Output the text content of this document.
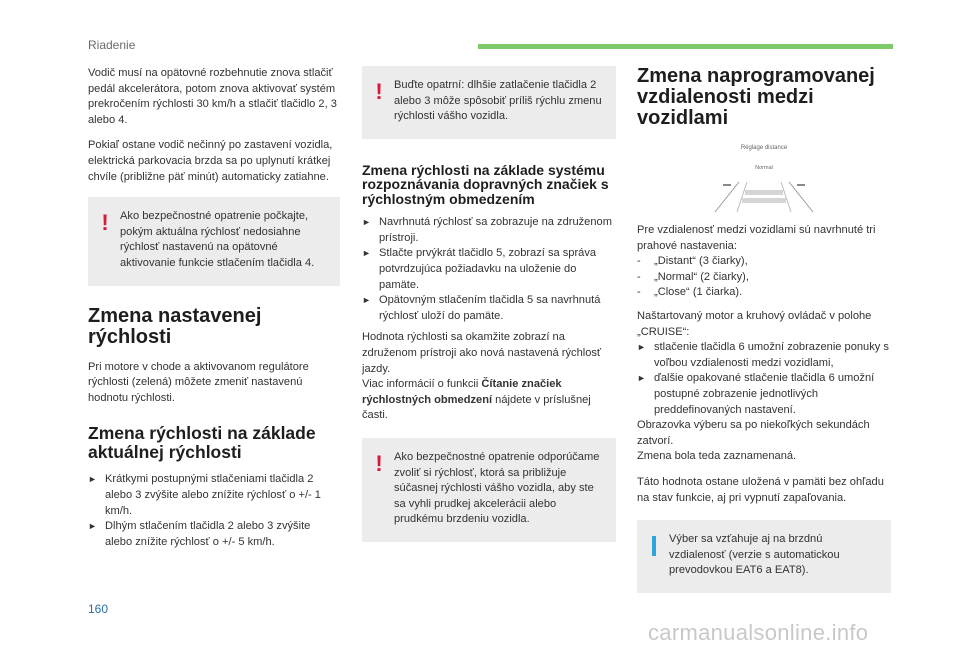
Riadenie

Vodič musí na opätovné rozbehnutie znova stlačiť pedál akcelerátora, potom znova aktivovať systém prekročením rýchlosti 30 km/h a stlačiť tlačidlo 2, 3 alebo 4.

Pokiaľ ostane vodič nečinný po zastavení vozidla, elektrická parkovacia brzda sa po uplynutí krátkej chvíle (približne päť minút) automaticky zatiahne.

! Ako bezpečnostné opatrenie počkajte, pokým aktuálna rýchlosť nedosiahne rýchlosť nastavenú na opätovné aktivovanie funkcie stlačením tlačidla 4.
Zmena nastavenej rýchlosti

Pri motore v chode a aktivovanom regulátore rýchlosti (zelená) môžete zmeniť nastavenú hodnotu rýchlosti.

Zmena rýchlosti na základe aktuálnej rýchlosti
► Krátkymi postupnými stlačeniami tlačidla 2 alebo 3 zvýšite alebo znížite rýchlosť o +/- 1 km/h.
► Dlhým stlačením tlačidla 2 alebo 3 zvýšite alebo znížite rýchlosť o +/- 5 km/h.
! Buďte opatrní: dlhšie zatlačenie tlačidla 2 alebo 3 môže spôsobiť príliš rýchlu zmenu rýchlosti vášho vozidla.
Zmena rýchlosti na základe systému rozpoznávania dopravných značiek s rýchlostným obmedzením
► Navrhnutá rýchlosť sa zobrazuje na združenom prístroji.
► Stlačte prvýkrát tlačidlo 5, zobrazí sa správa potvrdzujúca požiadavku na uloženie do pamäte.
► Opätovným stlačením tlačidla 5 sa navrhnutá rýchlosť uloží do pamäte.

Hodnota rýchlosti sa okamžite zobrazí na združenom prístroji ako nová nastavená rýchlosť jazdy.

Viac informácií o funkcii Čítanie značiek rýchlostných obmedzení nájdete v príslušnej časti.

! Ako bezpečnostné opatrenie odporúčame zvoliť si rýchlosť, ktorá sa približuje súčasnej rýchlosti vášho vozidla, aby ste sa vyhli prudkej akcelerácii alebo prudkému brzdeniu vozidla.
Zmena naprogramovanej vzdialenosti medzi vozidlami
Réglage distance
Normal

Pre vzdialenosť medzi vozidlami sú navrhnuté tri prahové nastavenia:

- „Distant“ (3 čiarky),
- „Normal“ (2 čiarky),
- „Close“ (1 čiarka).

Naštartovaný motor a kruhový ovládač v polohe „CRUISE“:

► stlačenie tlačidla 6 umožní zobrazenie ponuky s voľbou vzdialenosti medzi vozidlami,
► ďalšie opakované stlačenie tlačidla 6 umožní postupné zobrazenie jednotlivých preddefinovaných nastavení.

Obrazovka výberu sa po niekoľkých sekundách zatvorí.

Zmena bola teda zaznamenaná.

Táto hodnota ostane uložená v pamäti bez ohľadu na stav funkcie, aj pri vypnutí zapaľovania.

Výber sa vzťahuje aj na brzdnú vzdialenosť (verzie s automatickou prevodovkou EAT6 a EAT8).
160
carmanualsonline.info
